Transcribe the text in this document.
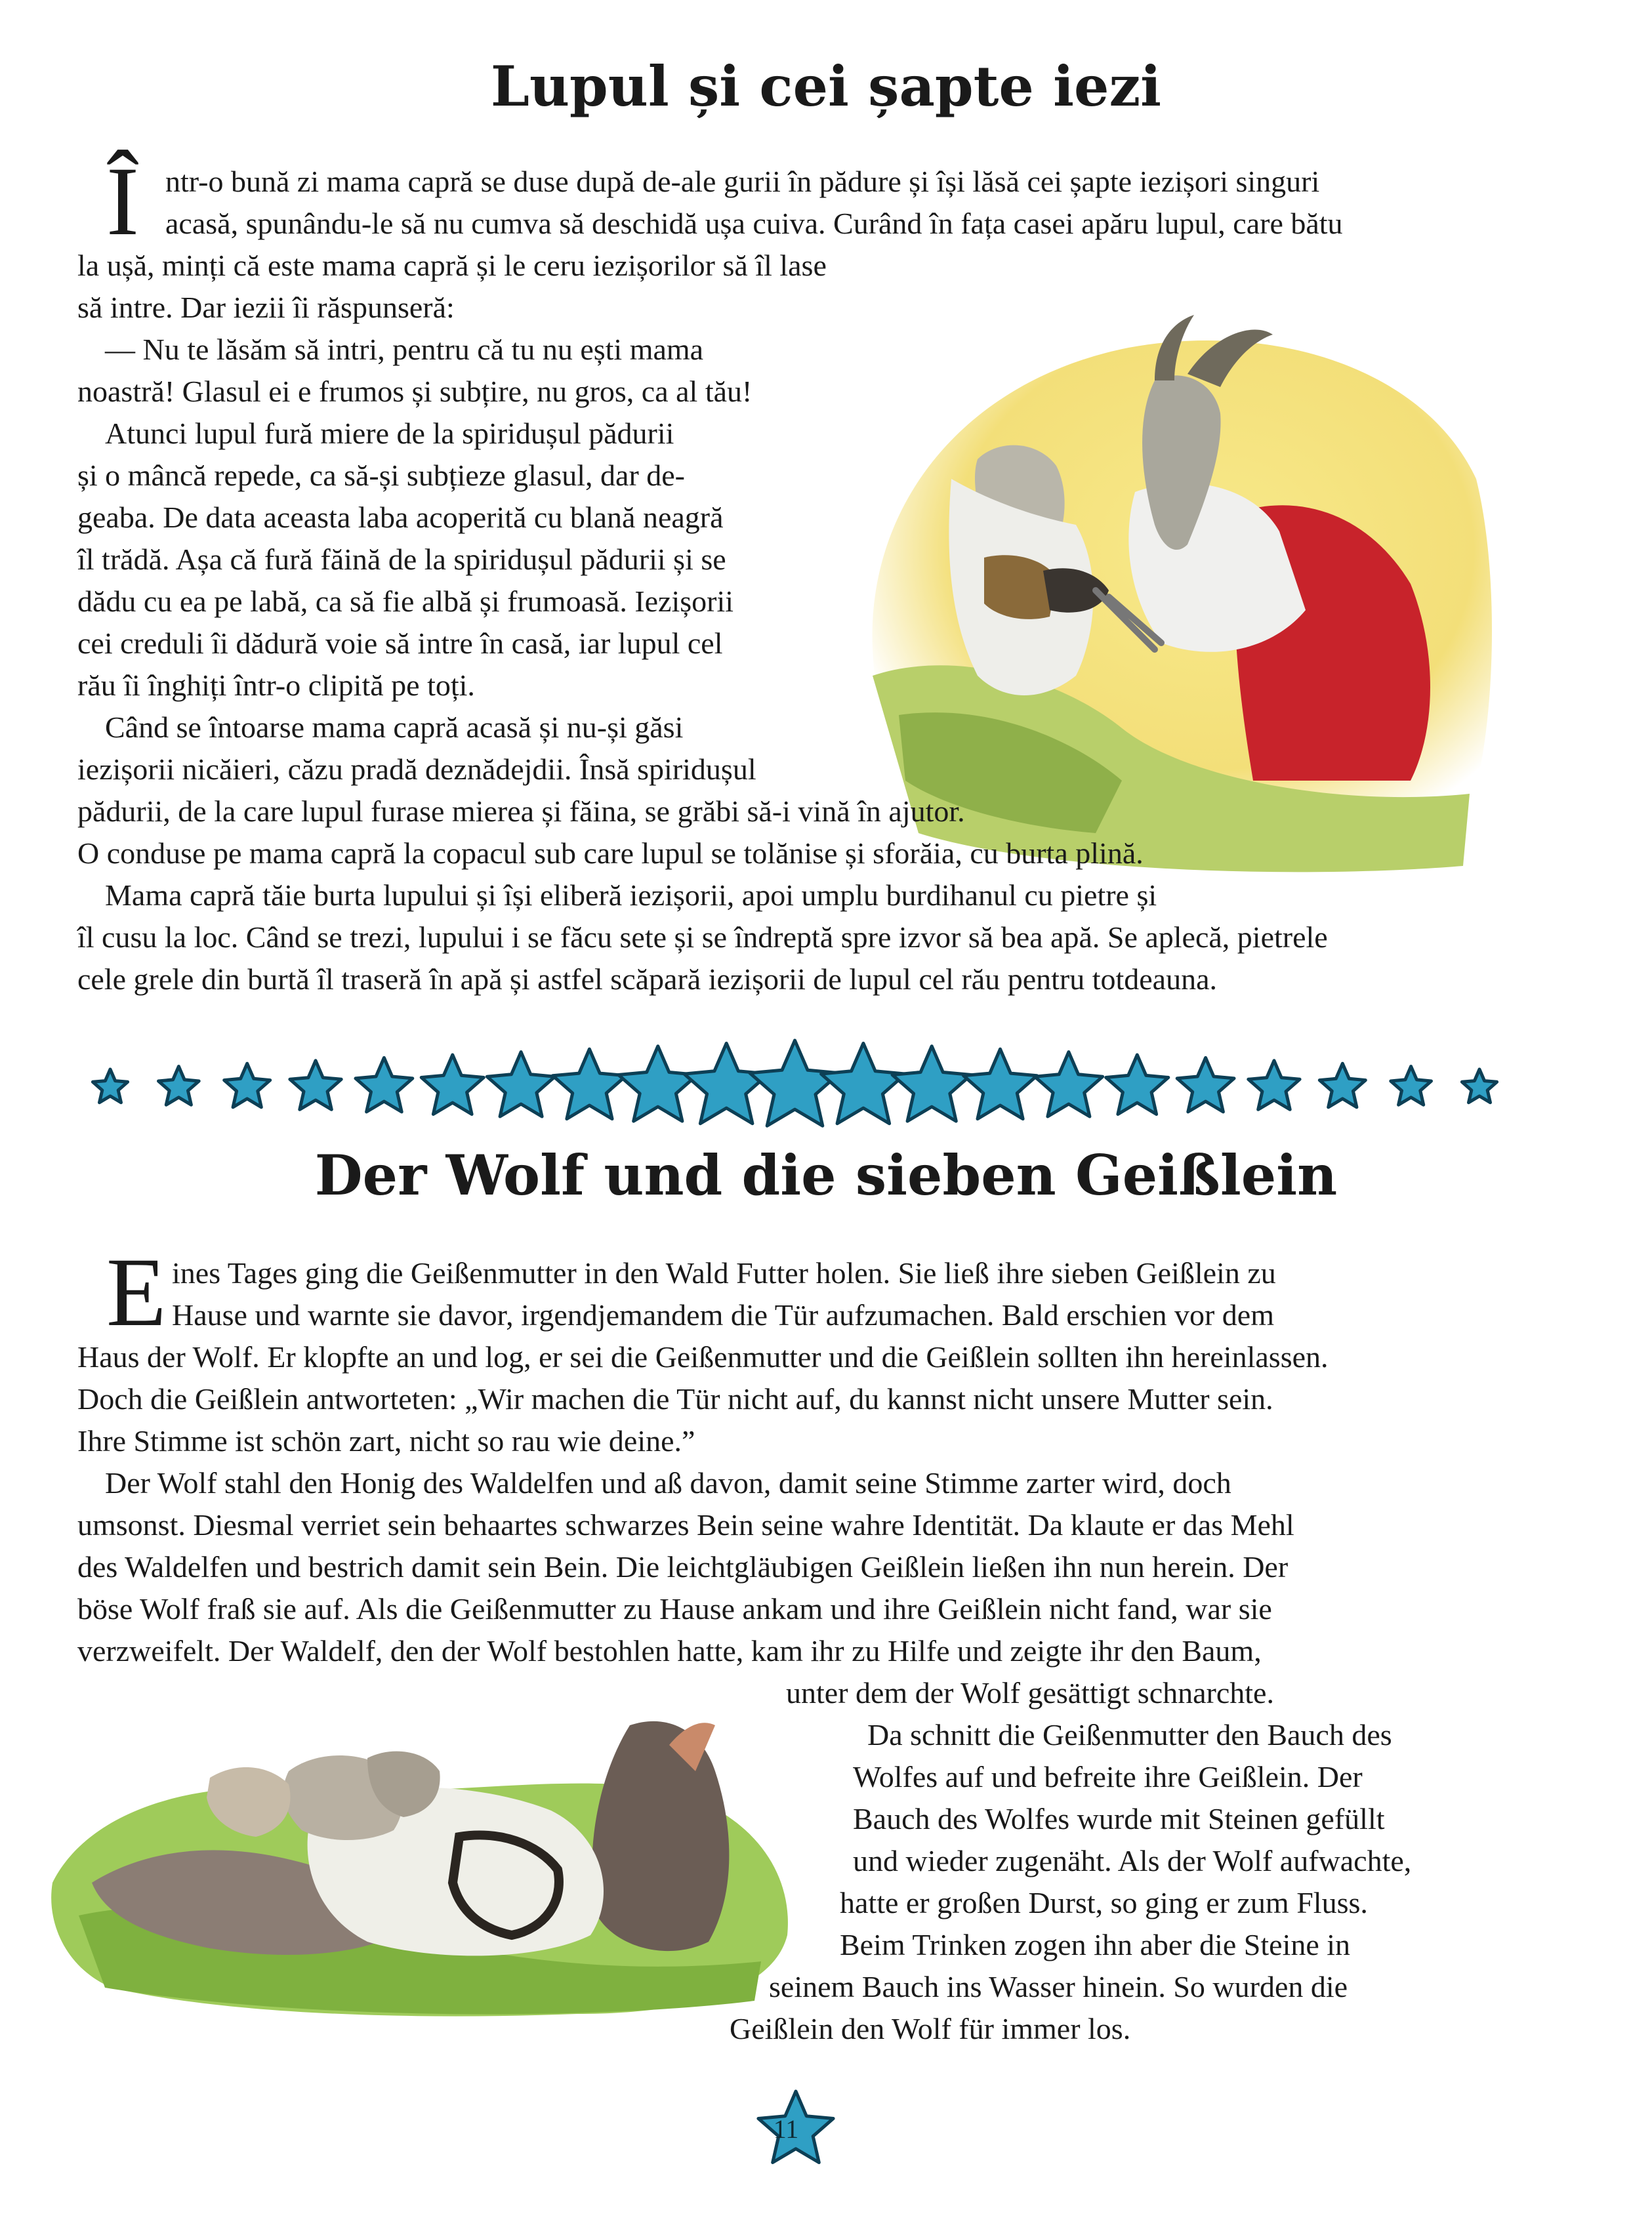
Lupul și cei șapte iezi
Î ntr-o bună zi mama capră se duse după de-ale gurii în pădure și își lăsă cei șapte iezișori singuri
acasă, spunându-le să nu cumva să deschidă ușa cuiva. Curând în fața casei apăru lupul, care bătu
la ușă, minți că este mama capră și le ceru iezișorilor să îl lase
să intre. Dar iezii îi răspunseră:
— Nu te lăsăm să intri, pentru că tu nu ești mama
noastră! Glasul ei e frumos și subțire, nu gros, ca al tău!
Atunci lupul fură miere de la spiridușul pădurii
și o mâncă repede, ca să-și subțieze glasul, dar de-
geaba. De data aceasta laba acoperită cu blană neagră
îl trădă. Așa că fură făină de la spiridușul pădurii și se
dădu cu ea pe labă, ca să fie albă și frumoasă. Iezișorii
cei creduli îi dădură voie să intre în casă, iar lupul cel
rău îi înghiți într-o clipită pe toți.
Când se întoarse mama capră acasă și nu-și găsi
iezișorii nicăieri, căzu pradă deznădejdii. Însă spiridușul
pădurii, de la care lupul furase mierea și făina, se grăbi să-i vină în ajutor.
O conduse pe mama capră la copacul sub care lupul se tolănise și sforăia, cu burta plină.
Mama capră tăie burta lupului și își eliberă iezișorii, apoi umplu burdihanul cu pietre și
îl cusu la loc. Când se trezi, lupului i se făcu sete și se îndreptă spre izvor să bea apă. Se aplecă, pietrele
cele grele din burtă îl traseră în apă și astfel scăpară iezișorii de lupul cel rău pentru totdeauna.
Der Wolf und die sieben Geißlein
E ines Tages ging die Geißenmutter in den Wald Futter holen. Sie ließ ihre sieben Geißlein zu
Hause und warnte sie davor, irgendjemandem die Tür aufzumachen. Bald erschien vor dem
Haus der Wolf. Er klopfte an und log, er sei die Geißenmutter und die Geißlein sollten ihn hereinlassen.
Doch die Geißlein antworteten: „Wir machen die Tür nicht auf, du kannst nicht unsere Mutter sein.
Ihre Stimme ist schön zart, nicht so rau wie deine.”
Der Wolf stahl den Honig des Waldelfen und aß davon, damit seine Stimme zarter wird, doch
umsonst. Diesmal verriet sein behaartes schwarzes Bein seine wahre Identität. Da klaute er das Mehl
des Waldelfen und bestrich damit sein Bein. Die leichtgläubigen Geißlein ließen ihn nun herein. Der
böse Wolf fraß sie auf. Als die Geißenmutter zu Hause ankam und ihre Geißlein nicht fand, war sie
verzweifelt. Der Waldelf, den der Wolf bestohlen hatte, kam ihr zu Hilfe und zeigte ihr den Baum,
unter dem der Wolf gesättigt schnarchte.
Da schnitt die Geißenmutter den Bauch des
Wolfes auf und befreite ihre Geißlein. Der
Bauch des Wolfes wurde mit Steinen gefüllt
und wieder zugenäht. Als der Wolf aufwachte,
hatte er großen Durst, so ging er zum Fluss.
Beim Trinken zogen ihn aber die Steine in
seinem Bauch ins Wasser hinein. So wurden die
Geißlein den Wolf für immer los.
11
